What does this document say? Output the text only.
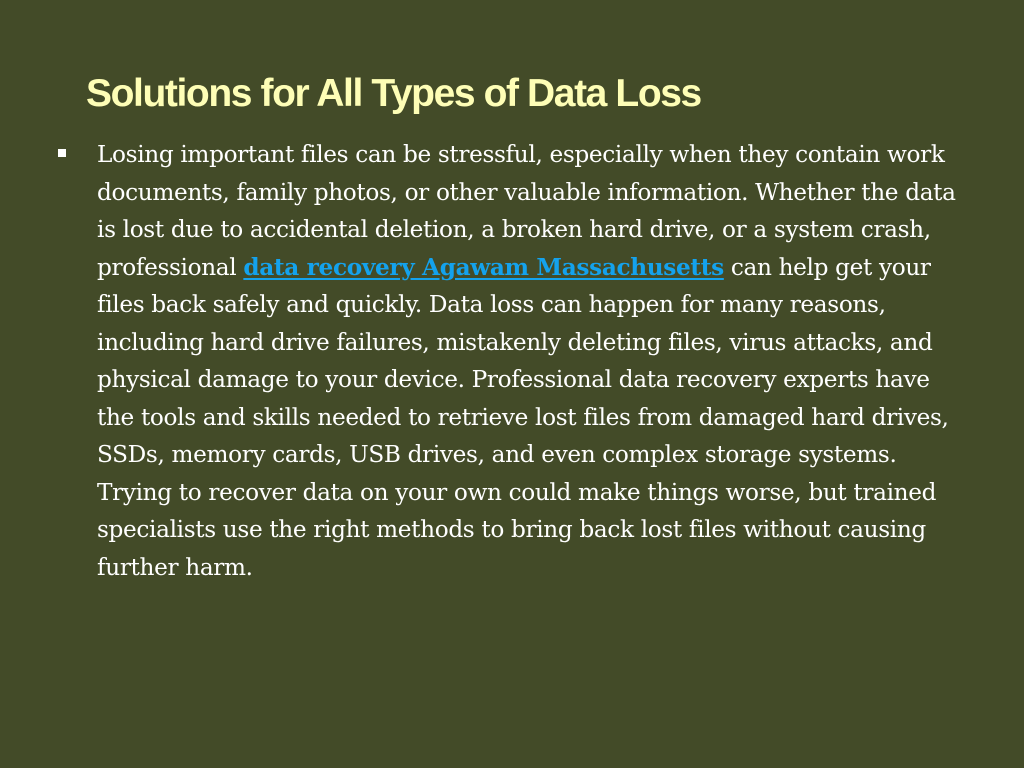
Solutions for All Types of Data Loss
Losing important files can be stressful, especially when they contain work documents, family photos, or other valuable information. Whether the data is lost due to accidental deletion, a broken hard drive, or a system crash, professional data recovery Agawam Massachusetts can help get your files back safely and quickly. Data loss can happen for many reasons, including hard drive failures, mistakenly deleting files, virus attacks, and physical damage to your device. Professional data recovery experts have the tools and skills needed to retrieve lost files from damaged hard drives, SSDs, memory cards, USB drives, and even complex storage systems. Trying to recover data on your own could make things worse, but trained specialists use the right methods to bring back lost files without causing further harm.
